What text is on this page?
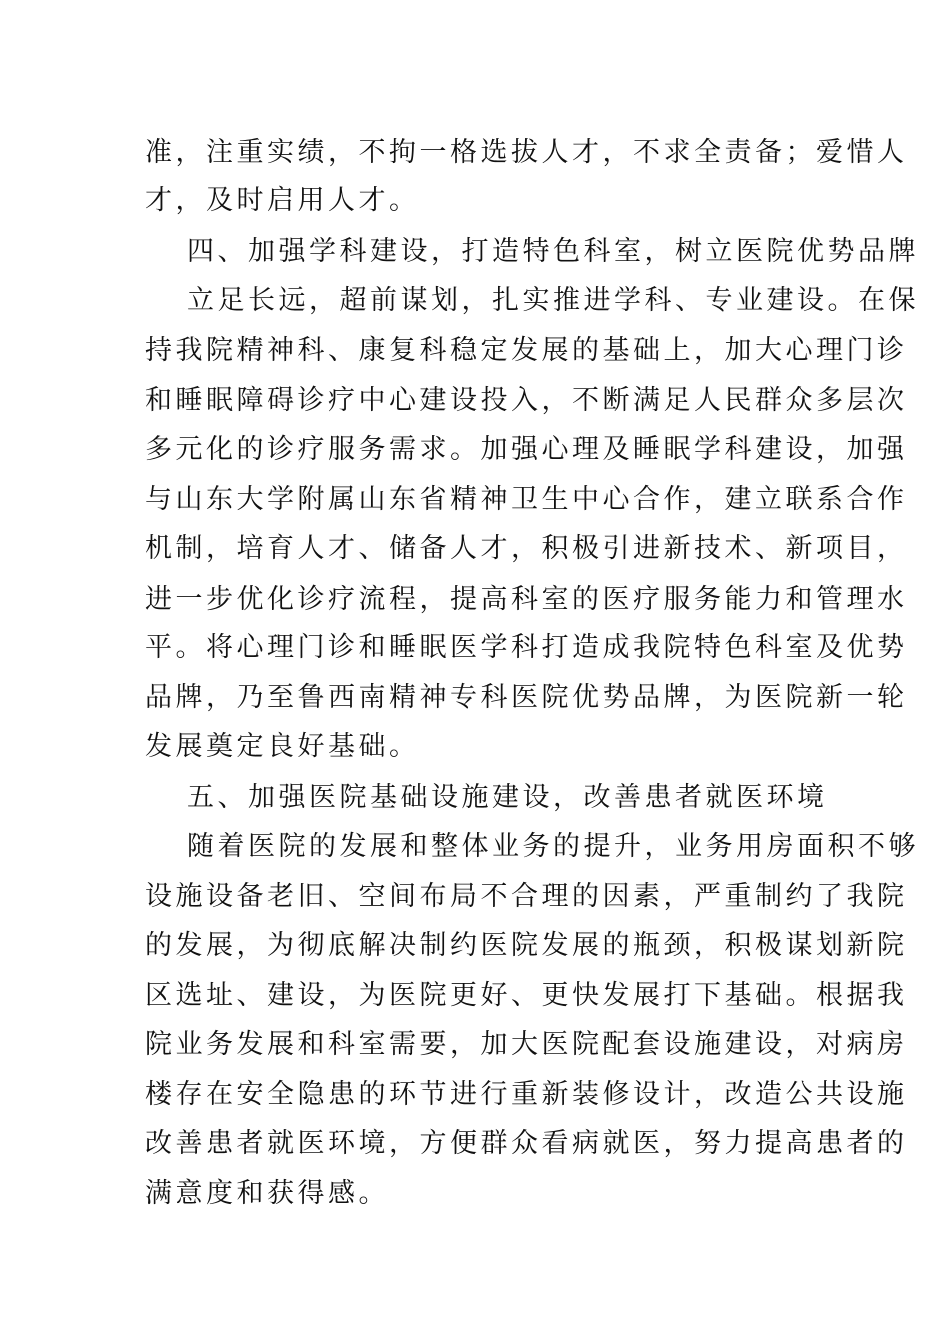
准，注重实绩，不拘一格选拔人才，不求全责备；爱惜人
才，及时启用人才。
四、加强学科建设，打造特色科室，树立医院优势品牌
立足长远，超前谋划，扎实推进学科、专业建设。在保
持我院精神科、康复科稳定发展的基础上，加大心理门诊
和睡眠障碍诊疗中心建设投入，不断满足人民群众多层次
多元化的诊疗服务需求。加强心理及睡眠学科建设，加强
与山东大学附属山东省精神卫生中心合作，建立联系合作
机制，培育人才、储备人才，积极引进新技术、新项目，
进一步优化诊疗流程，提高科室的医疗服务能力和管理水
平。将心理门诊和睡眠医学科打造成我院特色科室及优势
品牌，乃至鲁西南精神专科医院优势品牌，为医院新一轮
发展奠定良好基础。
五、加强医院基础设施建设，改善患者就医环境
随着医院的发展和整体业务的提升，业务用房面积不够
设施设备老旧、空间布局不合理的因素，严重制约了我院
的发展，为彻底解决制约医院发展的瓶颈，积极谋划新院
区选址、建设，为医院更好、更快发展打下基础。根据我
院业务发展和科室需要，加大医院配套设施建设，对病房
楼存在安全隐患的环节进行重新装修设计，改造公共设施
改善患者就医环境，方便群众看病就医，努力提高患者的
满意度和获得感。
